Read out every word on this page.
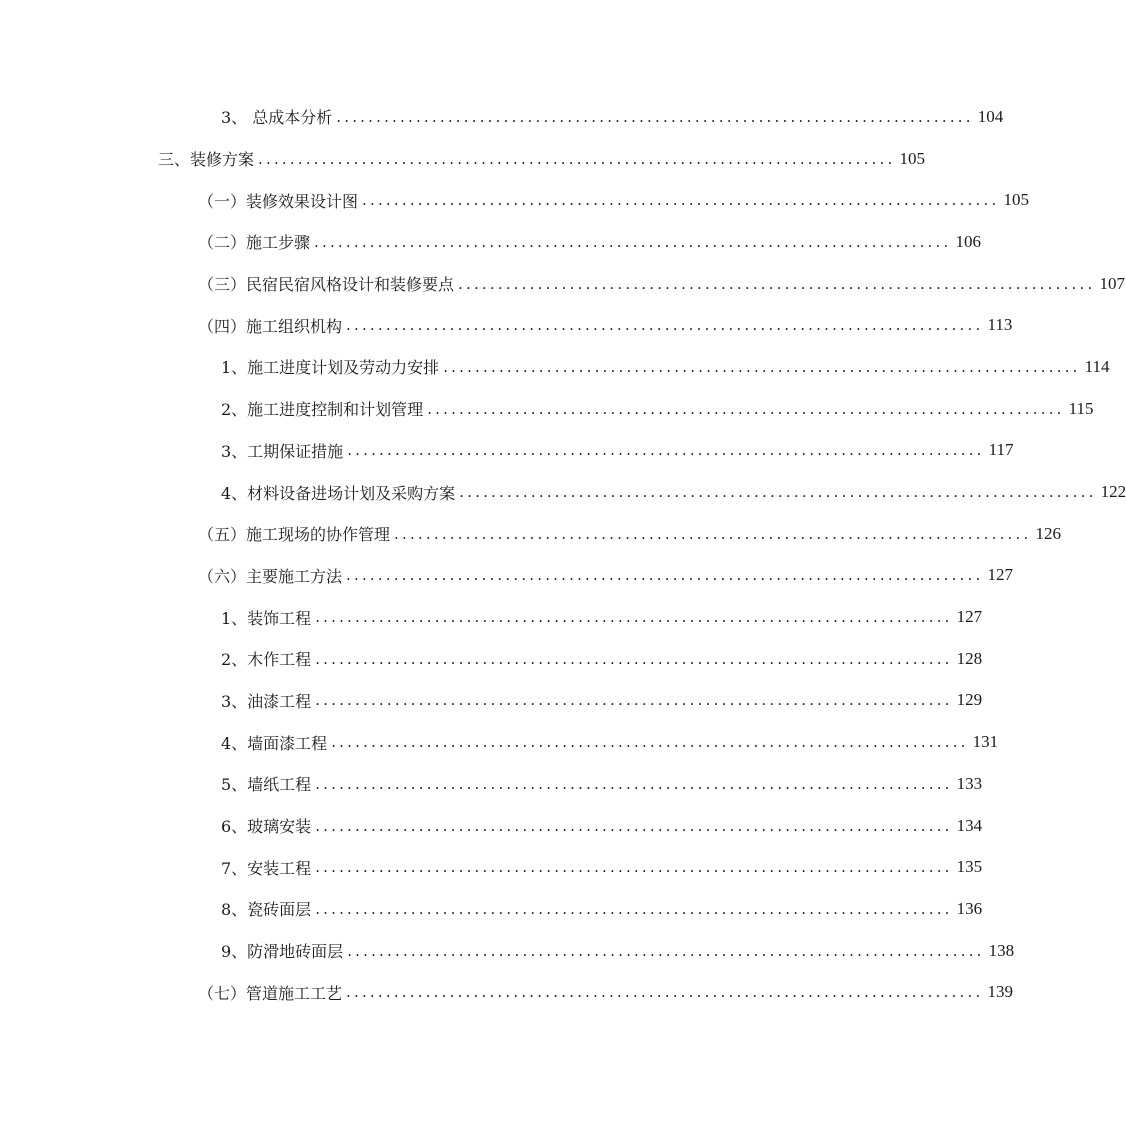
3、 总成本分析 ................................................................................ 104
三、装修方案 ................................................................................ 105
（一）装修效果设计图 ................................................................................ 105
（二）施工步骤 ................................................................................ 106
（三）民宿民宿风格设计和装修要点 ................................................................................ 107
（四）施工组织机构 ................................................................................ 113
1、施工进度计划及劳动力安排 ................................................................................ 114
2、施工进度控制和计划管理 ................................................................................ 115
3、工期保证措施 ................................................................................ 117
4、材料设备进场计划及采购方案 ................................................................................ 122
（五）施工现场的协作管理 ................................................................................ 126
（六）主要施工方法 ................................................................................ 127
1、装饰工程 ................................................................................ 127
2、木作工程 ................................................................................ 128
3、油漆工程 ................................................................................ 129
4、墙面漆工程 ................................................................................ 131
5、墙纸工程 ................................................................................ 133
6、玻璃安装 ................................................................................ 134
7、安装工程 ................................................................................ 135
8、瓷砖面层 ................................................................................ 136
9、防滑地砖面层 ................................................................................ 138
（七）管道施工工艺 ................................................................................ 139
